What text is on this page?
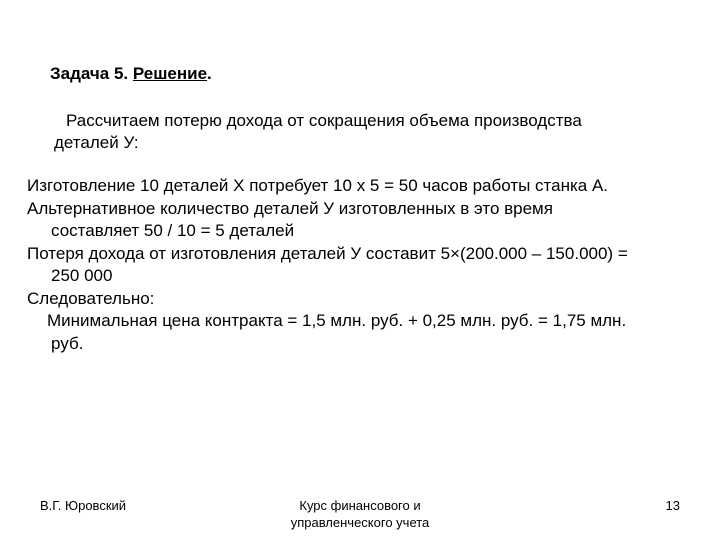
Задача 5. Решение.
Рассчитаем потерю дохода от сокращения объема производства
деталей У:
Изготовление 10 деталей Х потребует 10 х 5 = 50 часов работы станка А.
Альтернативное количество деталей У изготовленных в это время
составляет 50 / 10 = 5 деталей
Потеря дохода от изготовления деталей У составит 5×(200.000 – 150.000) =
250 000
Следовательно:
Минимальная цена контракта = 1,5 млн. руб. + 0,25 млн. руб. = 1,75 млн.
руб.
В.Г. Юровский	Курс финансового и
управленческого учета
13
